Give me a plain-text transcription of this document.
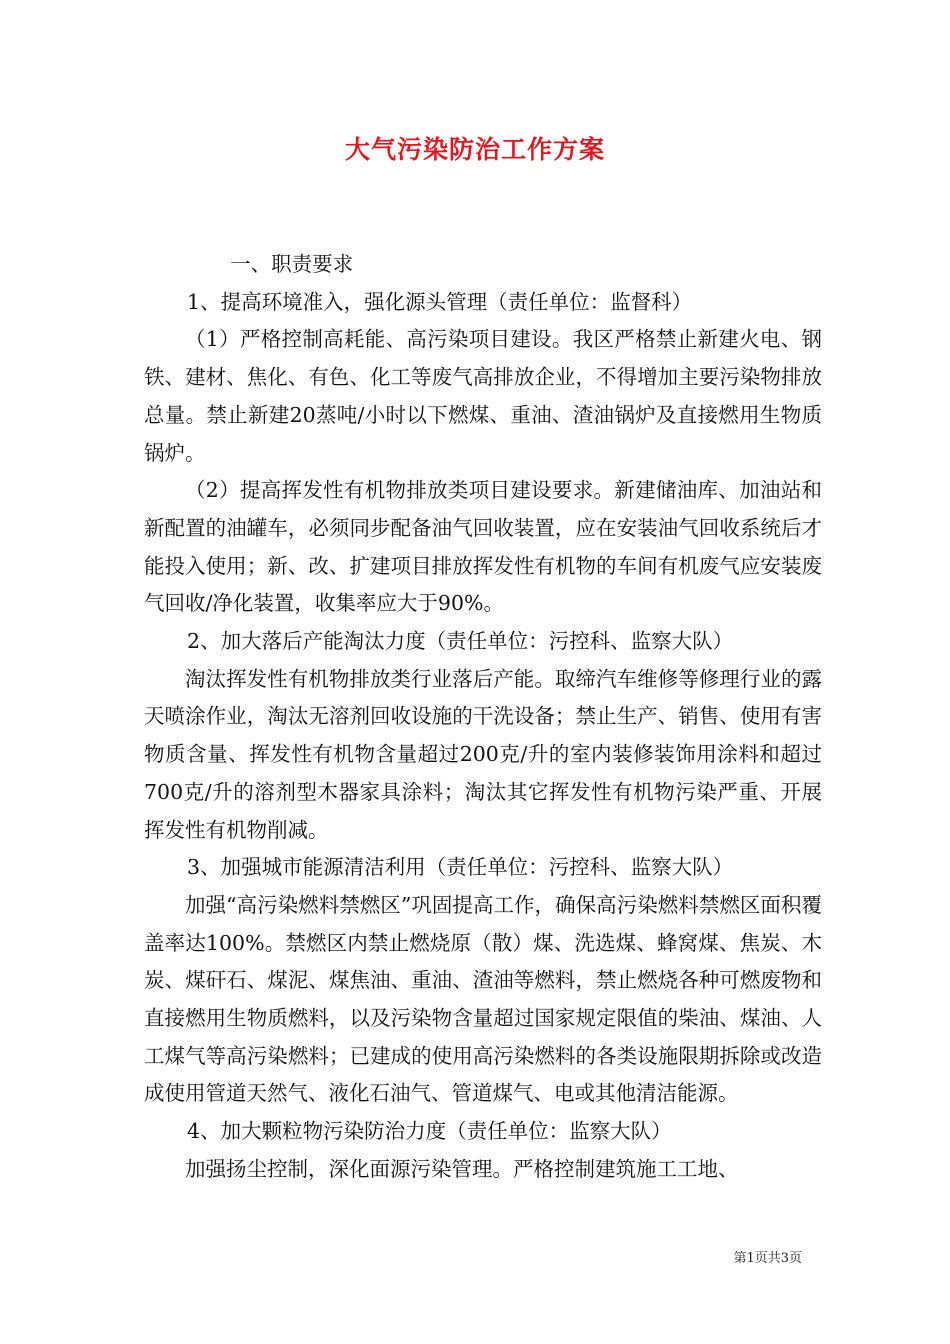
大气污染防治工作方案

一、职责要求

1、提高环境准入，强化源头管理（责任单位：监督科）

（1）严格控制高耗能、高污染项目建设。我区严格禁止新建火电、钢铁、建材、焦化、有色、化工等废气高排放企业，不得增加主要污染物排放总量。禁止新建20蒸吨/小时以下燃煤、重油、渣油锅炉及直接燃用生物质锅炉。

（2）提高挥发性有机物排放类项目建设要求。新建储油库、加油站和新配置的油罐车，必须同步配备油气回收装置，应在安装油气回收系统后才能投入使用；新、改、扩建项目排放挥发性有机物的车间有机废气应安装废气回收/净化装置，收集率应大于90%。

2、加大落后产能淘汰力度（责任单位：污控科、监察大队）

淘汰挥发性有机物排放类行业落后产能。取缔汽车维修等修理行业的露天喷涂作业，淘汰无溶剂回收设施的干洗设备；禁止生产、销售、使用有害物质含量、挥发性有机物含量超过200克/升的室内装修装饰用涂料和超过700克/升的溶剂型木器家具涂料；淘汰其它挥发性有机物污染严重、开展挥发性有机物削减。

3、加强城市能源清洁利用（责任单位：污控科、监察大队）

加强“高污染燃料禁燃区”巩固提高工作，确保高污染燃料禁燃区面积覆盖率达100%。禁燃区内禁止燃烧原（散）煤、洗选煤、蜂窝煤、焦炭、木炭、煤矸石、煤泥、煤焦油、重油、渣油等燃料，禁止燃烧各种可燃废物和直接燃用生物质燃料，以及污染物含量超过国家规定限值的柴油、煤油、人工煤气等高污染燃料；已建成的使用高污染燃料的各类设施限期拆除或改造成使用管道天然气、液化石油气、管道煤气、电或其他清洁能源。

4、加大颗粒物污染防治力度（责任单位：监察大队）

加强扬尘控制，深化面源污染管理。严格控制建筑施工工地、

第1页共3页
